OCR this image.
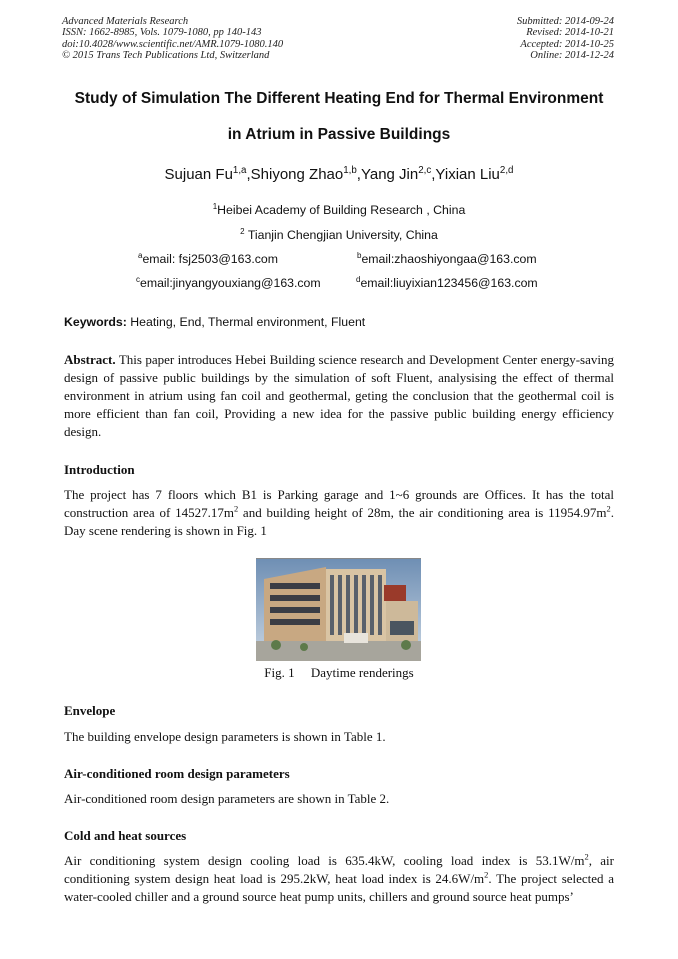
Advanced Materials Research
ISSN: 1662-8985, Vols. 1079-1080, pp 140-143
doi:10.4028/www.scientific.net/AMR.1079-1080.140
© 2015 Trans Tech Publications Ltd, Switzerland
Submitted: 2014-09-24
Revised: 2014-10-21
Accepted: 2014-10-25
Online: 2014-12-24
Study of Simulation The Different Heating End for Thermal Environment
in Atrium in Passive Buildings
Sujuan Fu$^{1,a}$,Shiyong Zhao$^{1,b}$,Yang Jin$^{2,c}$,Yixian Liu$^{2,d}$
$^1$Heibei Academy of Building Research , China
$^2$ Tianjin Chengjian University, China
$^a$email: fsj2503@163.com	$^b$email:zhaoshiyongaa@163.com
$^c$email:jinyangyouxiang@163.com	$^d$email:liuyixian123456@163.com
Keywords: Heating, End, Thermal environment, Fluent
Abstract. This paper introduces Hebei Building science research and Development Center energy-saving design of passive public buildings by the simulation of soft Fluent, analysising the effect of thermal environment in atrium using fan coil and geothermal, geting the conclusion that the geothermal coil is more efficient than fan coil, Providing a new idea for the passive public building energy efficiency design.
Introduction
The project has 7 floors which B1 is Parking garage and 1~6 grounds are Offices. It has the total construction area of $14527.17m^2$ and building height of 28m, the air conditioning area is $11954.97m^2$. Day scene rendering is shown in Fig. 1
Fig. 1     Daytime renderings
Envelope
The building envelope design parameters is shown in Table 1.
Air-conditioned room design parameters
Air-conditioned room design parameters are shown in Table 2.
Cold and heat sources
Air conditioning system design cooling load is 635.4kW, cooling load index is $53.1W/m^2$, air conditioning system design heat load is 295.2kW, heat load index is $24.6W/m^2$. The project selected a water-cooled chiller and a ground source heat pump units, chillers and ground source heat pumps’
